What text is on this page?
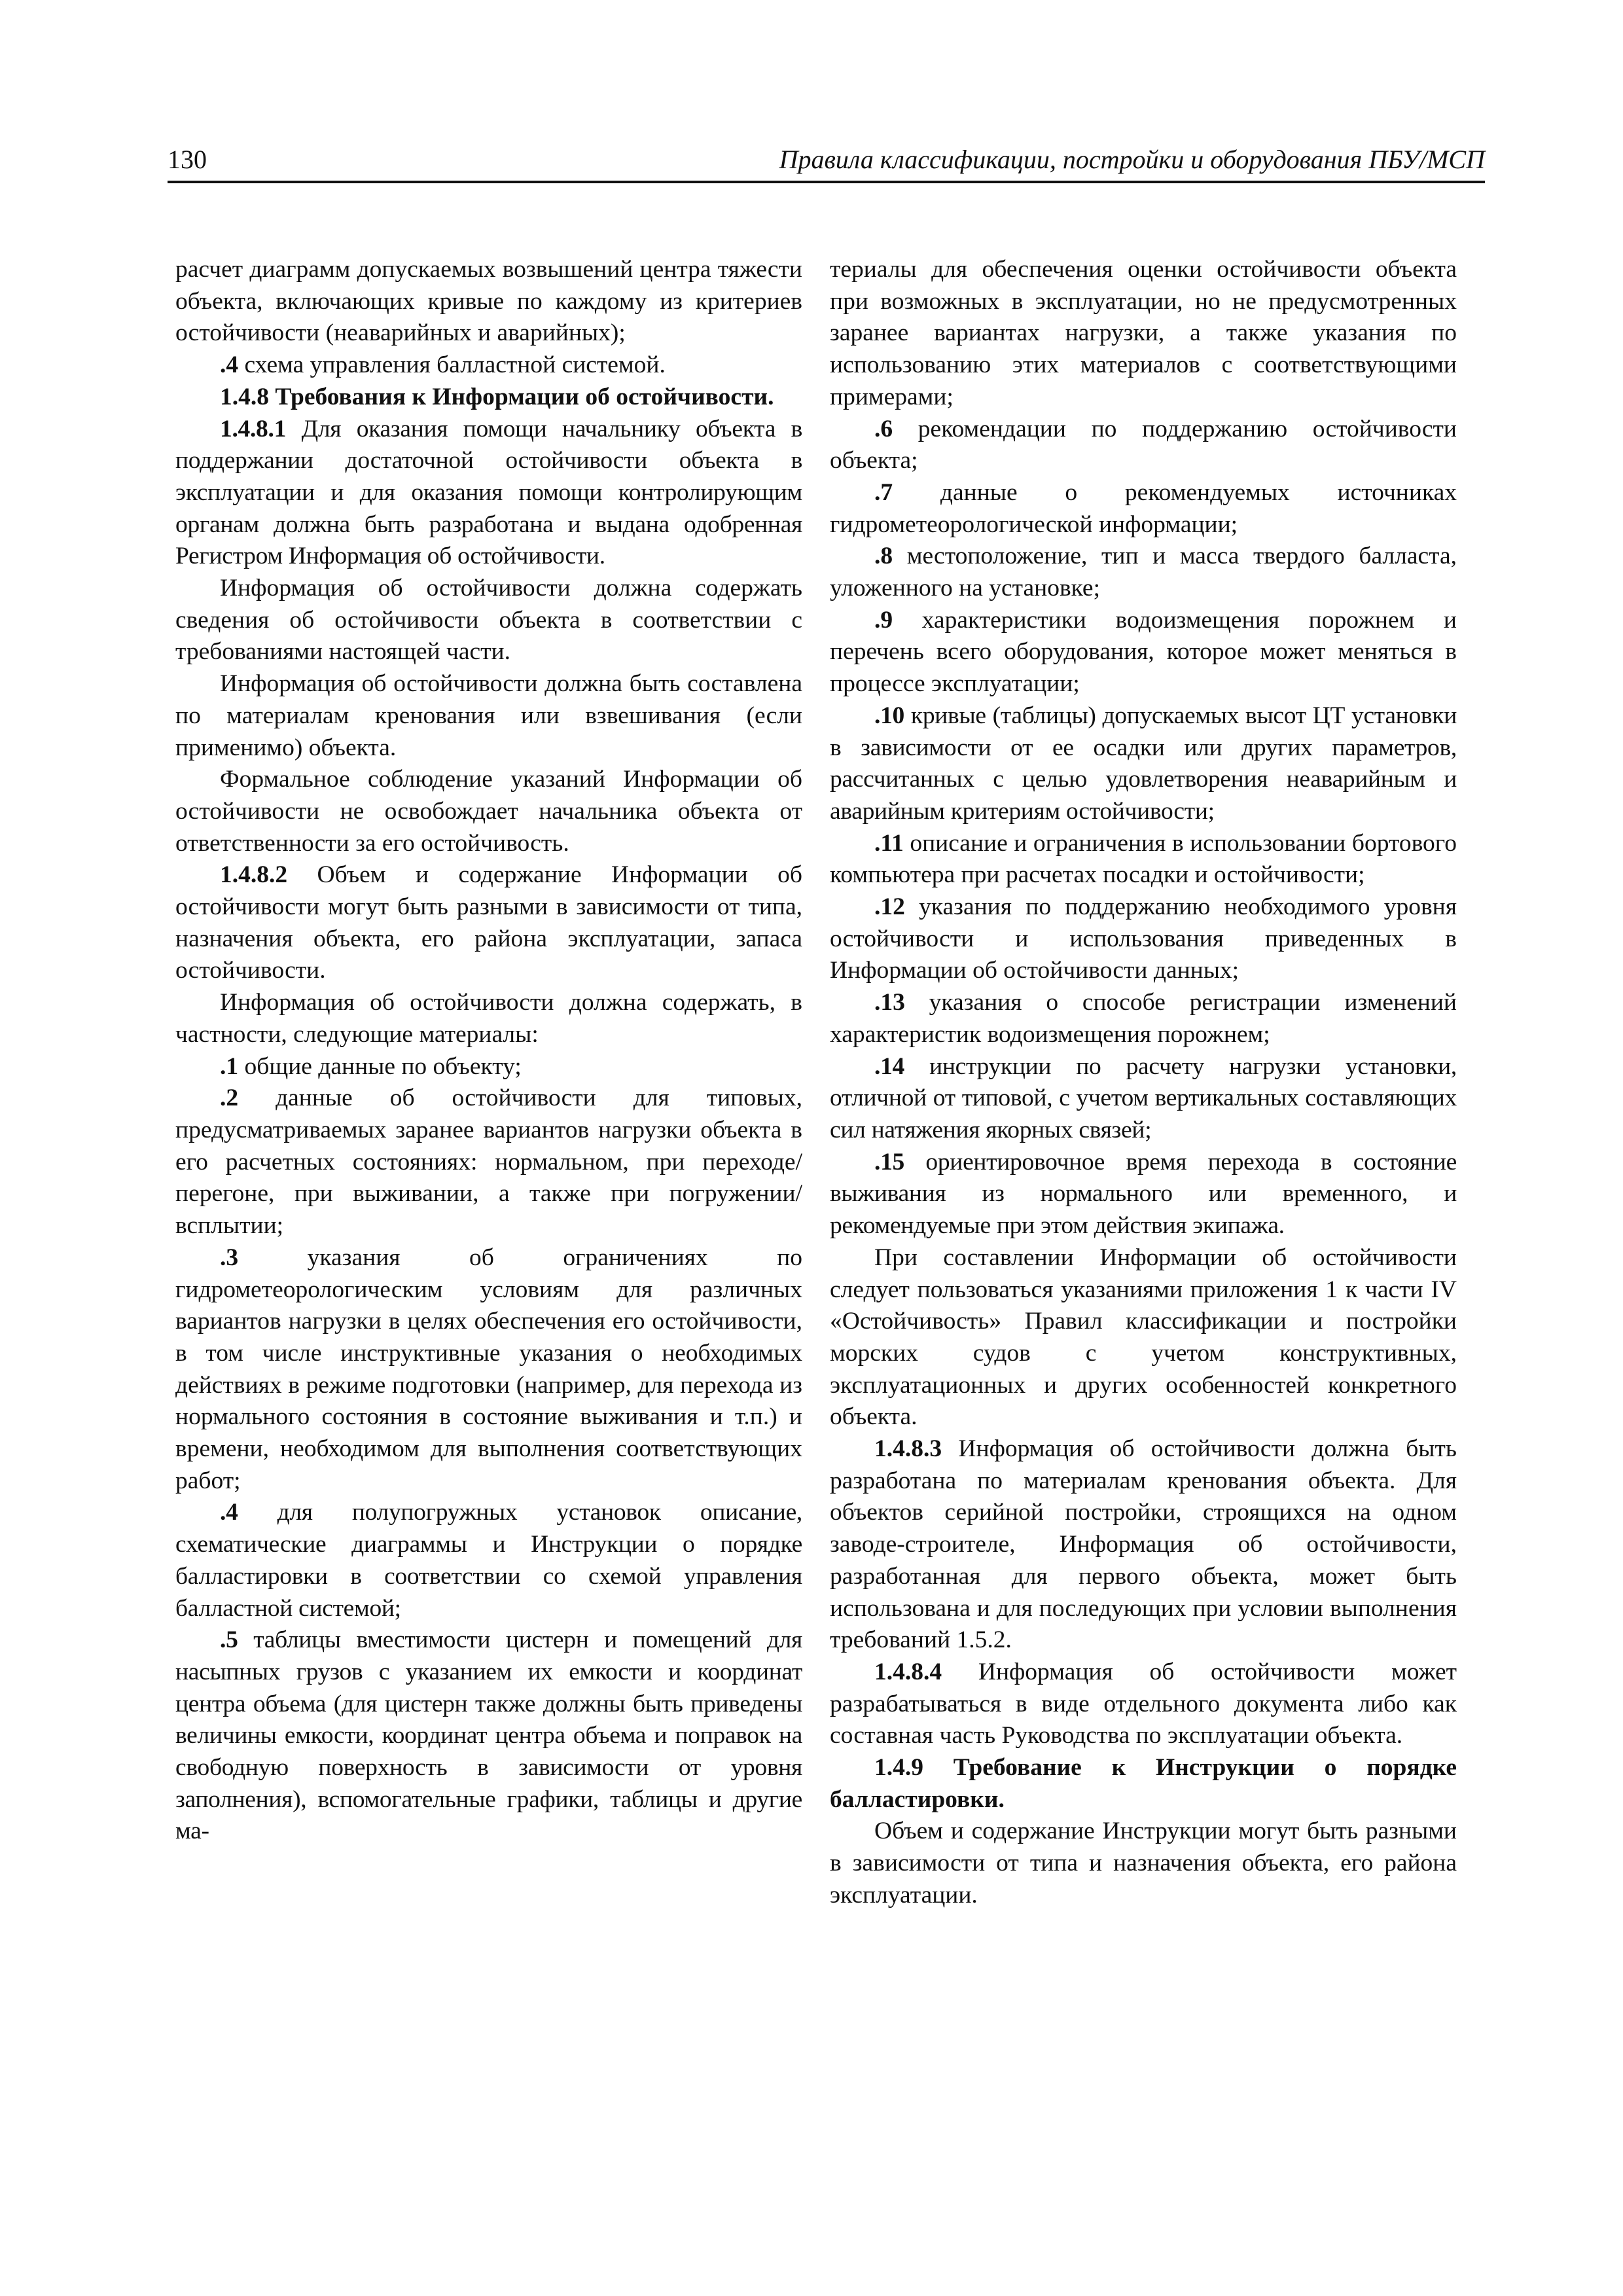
130	Правила классификации, постройки и оборудования ПБУ/МСП

расчет диаграмм допускаемых возвышений центра тяжести объекта, включающих кривые по каждому из критериев остойчивости (неаварийных и аварийных);

.4 схема управления балластной системой.

1.4.8 Требования к Информации об остойчивости.

1.4.8.1 Для оказания помощи начальнику объекта в поддержании достаточной остойчивости объекта в эксплуатации и для оказания помощи контролирующим органам должна быть разработана и выдана одобренная Регистром Информация об остойчивости.

Информация об остойчивости должна содержать сведения об остойчивости объекта в соответствии с требованиями настоящей части.

Информация об остойчивости должна быть составлена по материалам кренования или взвешивания (если применимо) объекта.

Формальное соблюдение указаний Информации об остойчивости не освобождает начальника объекта от ответственности за его остойчивость.

1.4.8.2 Объем и содержание Информации об остойчивости могут быть разными в зависимости от типа, назначения объекта, его района эксплуатации, запаса остойчивости.

Информация об остойчивости должна содержать, в частности, следующие материалы:

.1 общие данные по объекту;

.2 данные об остойчивости для типовых, предусматриваемых заранее вариантов нагрузки объекта в его расчетных состояниях: нормальном, при переходе/перегоне, при выживании, а также при погружении/всплытии;

.3 указания об ограничениях по гидрометеорологическим условиям для различных вариантов нагрузки в целях обеспечения его остойчивости, в том числе инструктивные указания о необходимых действиях в режиме подготовки (например, для перехода из нормального состояния в состояние выживания и т.п.) и времени, необходимом для выполнения соответствующих работ;

.4 для полупогружных установок описание, схематические диаграммы и Инструкции о порядке балластировки в соответствии со схемой управления балластной системой;

.5 таблицы вместимости цистерн и помещений для насыпных грузов с указанием их емкости и координат центра объема (для цистерн также должны быть приведены величины емкости, координат центра объема и поправок на свободную поверхность в зависимости от уровня заполнения), вспомогательные графики, таблицы и другие ма-

териалы для обеспечения оценки остойчивости объекта при возможных в эксплуатации, но не предусмотренных заранее вариантах нагрузки, а также указания по использованию этих материалов с соответствующими примерами;

.6 рекомендации по поддержанию остойчивости объекта;

.7 данные о рекомендуемых источниках гидрометеорологической информации;

.8 местоположение, тип и масса твердого балласта, уложенного на установке;

.9 характеристики водоизмещения порожнем и перечень всего оборудования, которое может меняться в процессе эксплуатации;

.10 кривые (таблицы) допускаемых высот ЦТ установки в зависимости от ее осадки или других параметров, рассчитанных с целью удовлетворения неаварийным и аварийным критериям остойчивости;

.11 описание и ограничения в использовании бортового компьютера при расчетах посадки и остойчивости;

.12 указания по поддержанию необходимого уровня остойчивости и использования приведенных в Информации об остойчивости данных;

.13 указания о способе регистрации изменений характеристик водоизмещения порожнем;

.14 инструкции по расчету нагрузки установки, отличной от типовой, с учетом вертикальных составляющих сил натяжения якорных связей;

.15 ориентировочное время перехода в состояние выживания из нормального или временного, и рекомендуемые при этом действия экипажа.

При составлении Информации об остойчивости следует пользоваться указаниями приложения 1 к части IV «Остойчивость» Правил классификации и постройки морских судов с учетом конструктивных, эксплуатационных и других особенностей конкретного объекта.

1.4.8.3 Информация об остойчивости должна быть разработана по материалам кренования объекта. Для объектов серийной постройки, строящихся на одном заводе-строителе, Информация об остойчивости, разработанная для первого объекта, может быть использована и для последующих при условии выполнения требований 1.5.2.

1.4.8.4 Информация об остойчивости может разрабатываться в виде отдельного документа либо как составная часть Руководства по эксплуатации объекта.

1.4.9 Требование к Инструкции о порядке балластировки.

Объем и содержание Инструкции могут быть разными в зависимости от типа и назначения объекта, его района эксплуатации.
